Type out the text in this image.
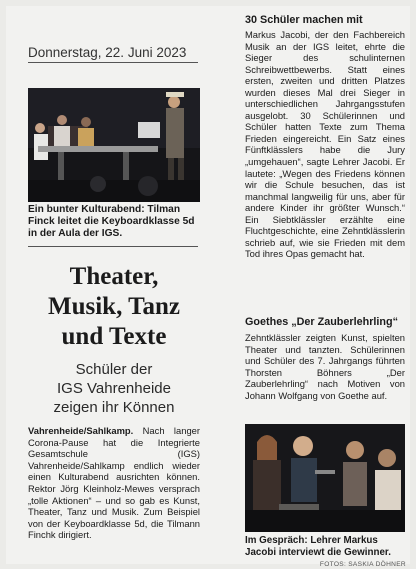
Donnerstag, 22. Juni 2023
Ein bunter Kulturabend: Tilman Finck leitet die Keyboardklasse 5d in der Aula der IGS.
Theater,
Musik, Tanz
und Texte
Schüler der
IGS Vahrenheide
zeigen ihr Können
Vahrenheide/Sahlkamp. Nach langer Corona-Pause hat die Integrierte Gesamtschule (IGS) Vahrenheide/Sahlkamp endlich wieder einen Kulturabend ausrichten können. Rektor Jörg Kleinholz-Mewes versprach „tolle Aktionen“ – und so gab es Kunst, Theater, Tanz und Musik. Zum Beispiel von der Keyboardklasse 5d, die Tilmann Finchk dirigiert.
30 Schüler machen mit

Markus Jacobi, der den Fachbereich Musik an der IGS leitet, ehrte die Sieger des schulinternen Schreibwettbewerbs. Statt eines ersten, zweiten und dritten Platzes wurden dieses Mal drei Sieger in unterschiedlichen Jahrgangsstufen ausgelobt. 30 Schülerinnen und Schüler hatten Texte zum Thema Frieden eingereicht. Ein Satz eines Fünftklässlers habe die Jury „umgehauen“, sagte Lehrer Jacobi. Er lautete: „Wegen des Friedens können wir die Schule besuchen, das ist manchmal langweilig für uns, aber für andere Kinder ihr größter Wunsch.“ Ein Siebtklässler erzählte eine Fluchtgeschichte, eine Zehntklässlerin schrieb auf, wie sie Frieden mit dem Tod ihres Opas gemacht hat.

Goethes „Der Zauberlehrling“
Zehntklässler zeigten Kunst, spielten Theater und tanzten. Schülerinnen und Schüler des 7. Jahrgangs führten Thorsten Böhners „Der Zauberlehrling“ nach Motiven von Johann Wolfgang von Goethe auf.
Im Gespräch: Lehrer Markus Jacobi interviewt die Gewinner.
FOTOS: SASKIA DÖHNER
